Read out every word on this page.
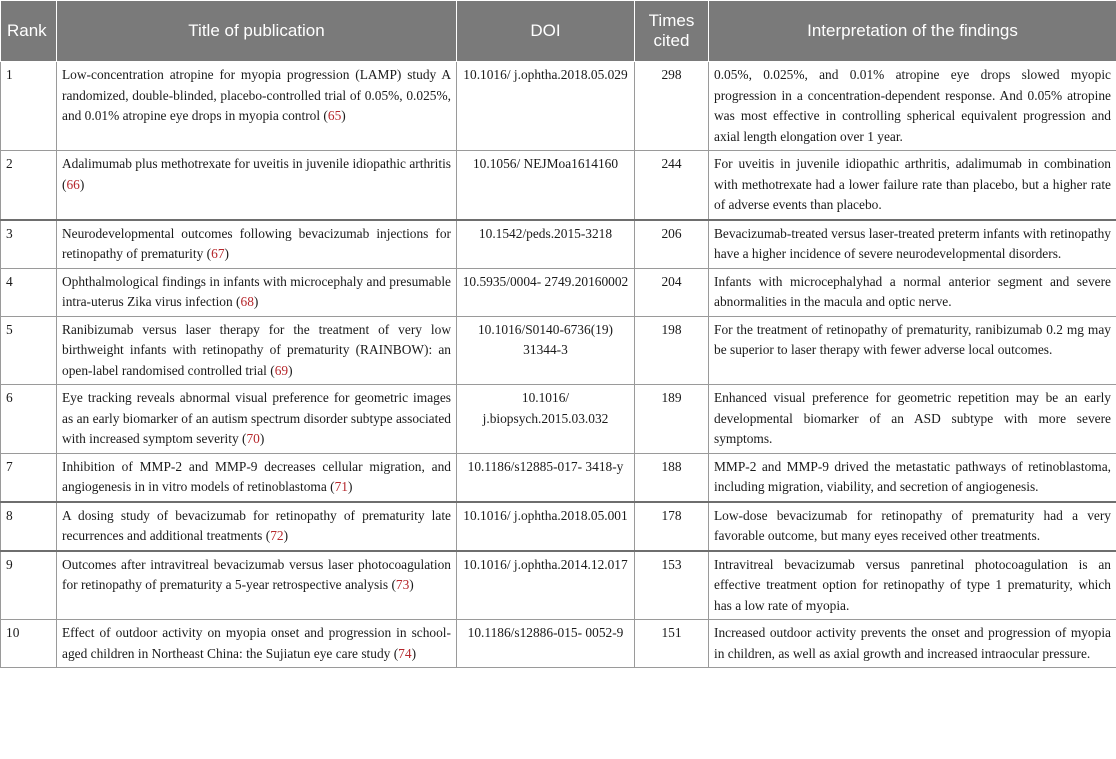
Rank	Title of publication	DOI	Times cited	Interpretation of the findings
1	Low-concentration atropine for myopia progression (LAMP) study A randomized, double-blinded, placebo-controlled trial of 0.05%, 0.025%, and 0.01% atropine eye drops in myopia control (65)	10.1016/ j.ophtha.2018.05.029	298	0.05%, 0.025%, and 0.01% atropine eye drops slowed myopic progression in a concentration-dependent response. And 0.05% atropine was most effective in controlling spherical equivalent progression and axial length elongation over 1 year.
2	Adalimumab plus methotrexate for uveitis in juvenile idiopathic arthritis (66)	10.1056/ NEJMoa1614160	244	For uveitis in juvenile idiopathic arthritis, adalimumab in combination with methotrexate had a lower failure rate than placebo, but a higher rate of adverse events than placebo.
3	Neurodevelopmental outcomes following bevacizumab injections for retinopathy of prematurity (67)	10.1542/peds.2015-3218	206	Bevacizumab-treated versus laser-treated preterm infants with retinopathy have a higher incidence of severe neurodevelopmental disorders.
4	Ophthalmological findings in infants with microcephaly and presumable intra-uterus Zika virus infection (68)	10.5935/0004- 2749.20160002	204	Infants with microcephalyhad a normal anterior segment and severe abnormalities in the macula and optic nerve.
5	Ranibizumab versus laser therapy for the treatment of very low birthweight infants with retinopathy of prematurity (RAINBOW): an open-label randomised controlled trial (69)	10.1016/S0140-6736(19) 31344-3	198	For the treatment of retinopathy of prematurity, ranibizumab 0.2 mg may be superior to laser therapy with fewer adverse local outcomes.
6	Eye tracking reveals abnormal visual preference for geometric images as an early biomarker of an autism spectrum disorder subtype associated with increased symptom severity (70)	10.1016/ j.biopsych.2015.03.032	189	Enhanced visual preference for geometric repetition may be an early developmental biomarker of an ASD subtype with more severe symptoms.
7	Inhibition of MMP-2 and MMP-9 decreases cellular migration, and angiogenesis in in vitro models of retinoblastoma (71)	10.1186/s12885-017- 3418-y	188	MMP-2 and MMP-9 drived the metastatic pathways of retinoblastoma, including migration, viability, and secretion of angiogenesis.
8	A dosing study of bevacizumab for retinopathy of prematurity late recurrences and additional treatments (72)	10.1016/ j.ophtha.2018.05.001	178	Low-dose bevacizumab for retinopathy of prematurity had a very favorable outcome, but many eyes received other treatments.
9	Outcomes after intravitreal bevacizumab versus laser photocoagulation for retinopathy of prematurity a 5-year retrospective analysis (73)	10.1016/ j.ophtha.2014.12.017	153	Intravitreal bevacizumab versus panretinal photocoagulation is an effective treatment option for retinopathy of type 1 prematurity, which has a low rate of myopia.
10	Effect of outdoor activity on myopia onset and progression in school-aged children in Northeast China: the Sujiatun eye care study (74)	10.1186/s12886-015- 0052-9	151	Increased outdoor activity prevents the onset and progression of myopia in children, as well as axial growth and increased intraocular pressure.
